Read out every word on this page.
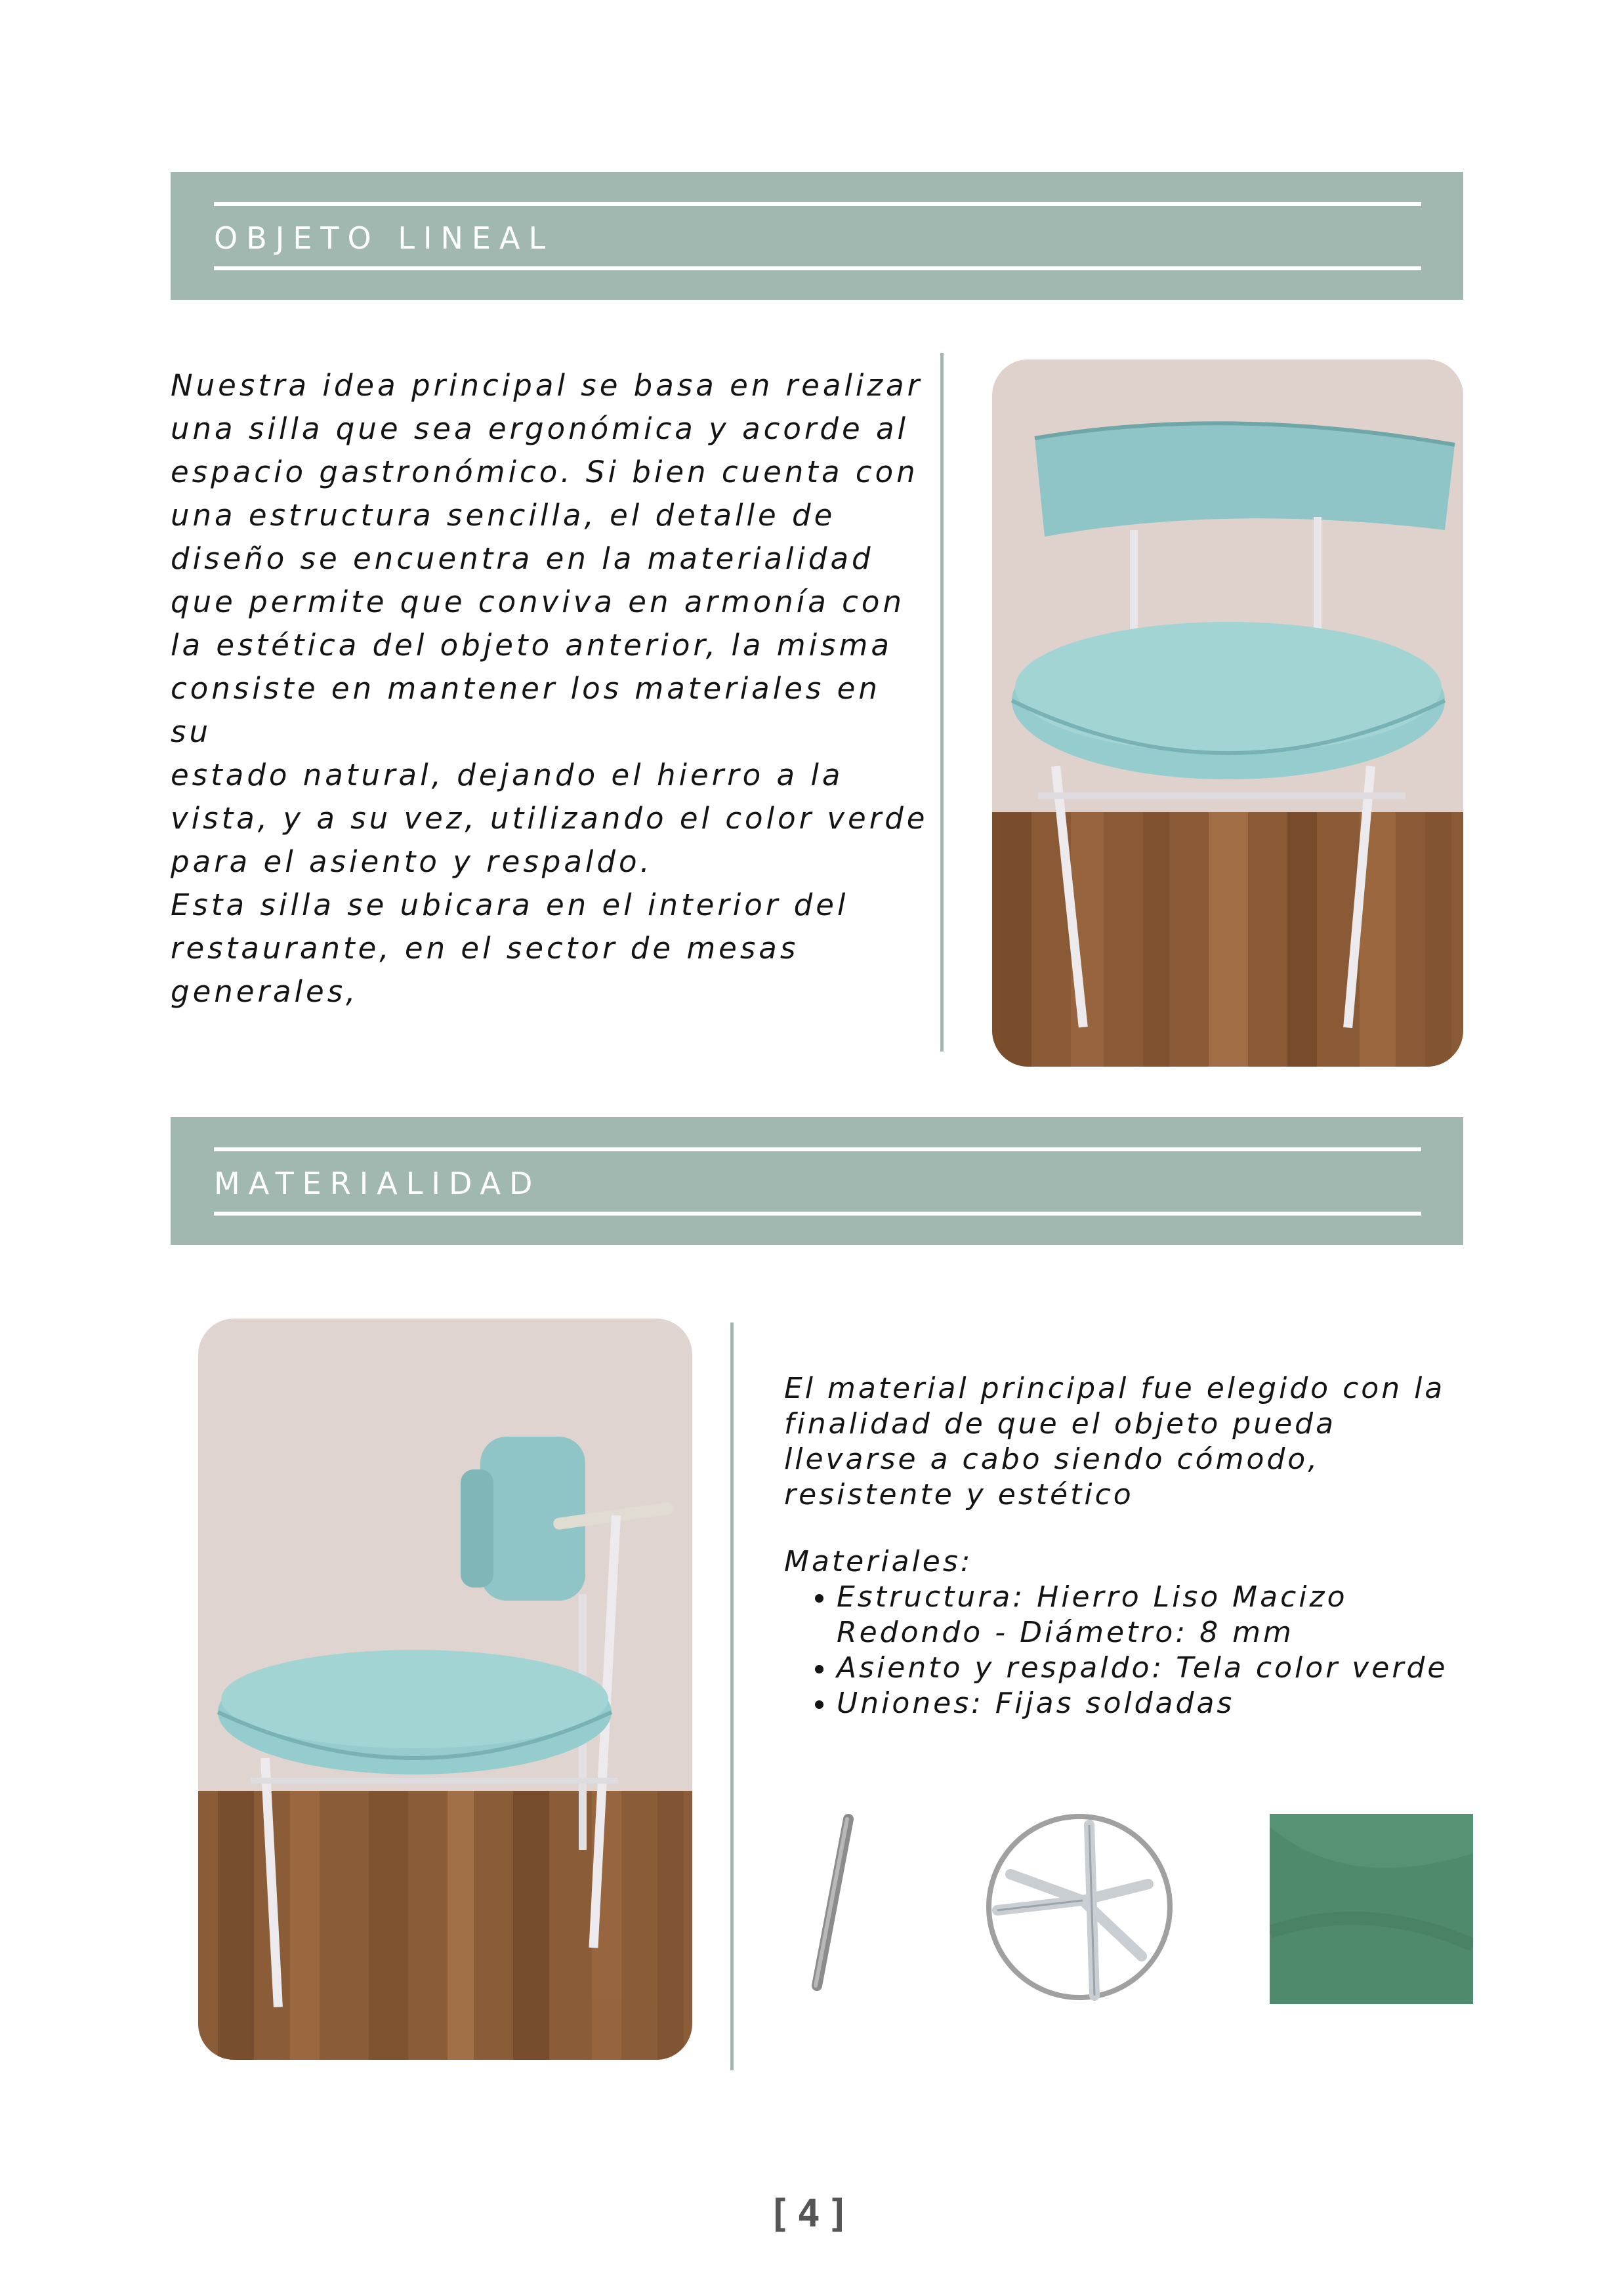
OBJETO LINEAL
Nuestra idea principal se basa en realizar
una silla que sea ergonómica y acorde al
espacio gastronómico. Si bien cuenta con
una estructura sencilla, el detalle de
diseño se encuentra en la materialidad
que permite que conviva en armonía con
la estética del objeto anterior, la misma
consiste en mantener los materiales en su
estado natural, dejando el hierro a la
vista, y a su vez, utilizando el color verde
para el asiento y respaldo.
Esta silla se ubicara en el interior del
restaurante, en el sector de mesas
generales,
MATERIALIDAD
El material principal fue elegido con la
finalidad de que el objeto pueda
llevarse a cabo siendo cómodo,
resistente y estético
Materiales:
• Estructura: Hierro Liso Macizo
Redondo - Diámetro: 8 mm
• Asiento y respaldo: Tela color verde
• Uniones: Fijas soldadas
[4]
